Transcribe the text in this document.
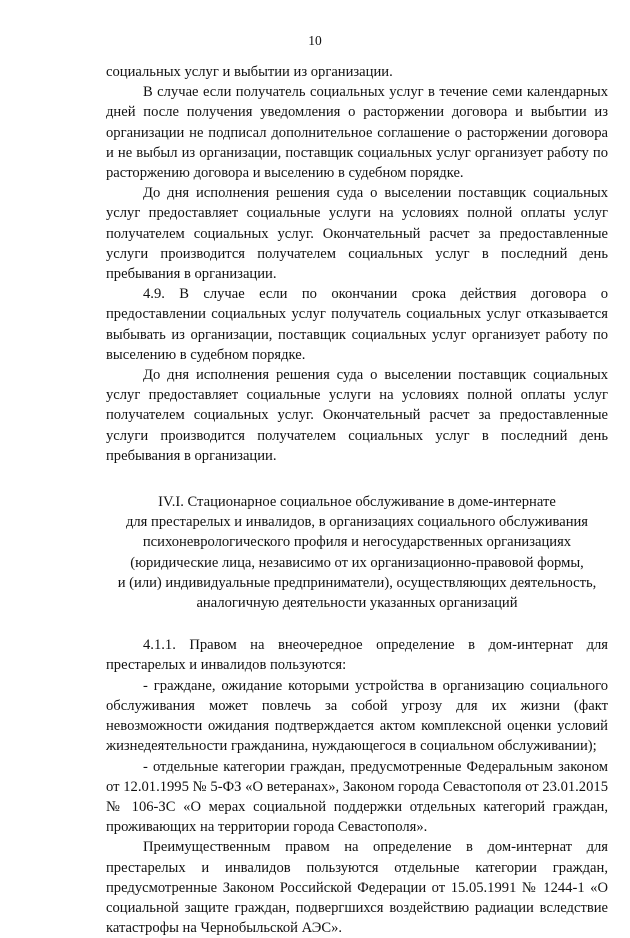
10

социальных услуг и выбытии из организации.

В случае если получатель социальных услуг в течение семи календарных дней после получения уведомления о расторжении договора и выбытии из организации не подписал дополнительное соглашение о расторжении договора и не выбыл из организации, поставщик социальных услуг организует работу по расторжению договора и выселению в судебном порядке.

До дня исполнения решения суда о выселении поставщик социальных услуг предоставляет социальные услуги на условиях полной оплаты услуг получателем социальных услуг. Окончательный расчет за предоставленные услуги производится получателем социальных услуг в последний день пребывания в организации.

4.9. В случае если по окончании срока действия договора о предоставлении социальных услуг получатель социальных услуг отказывается выбывать из организации, поставщик социальных услуг организует работу по выселению в судебном порядке.

До дня исполнения решения суда о выселении поставщик социальных услуг предоставляет социальные услуги на условиях полной оплаты услуг получателем социальных услуг. Окончательный расчет за предоставленные услуги производится получателем социальных услуг в последний день пребывания в организации.

IV.I. Стационарное социальное обслуживание в доме-интернате
для престарелых и инвалидов, в организациях социального обслуживания
психоневрологического профиля и негосударственных организациях
(юридические лица, независимо от их организационно-правовой формы,
и (или) индивидуальные предприниматели), осуществляющих деятельность,
аналогичную деятельности указанных организаций

4.1.1. Правом на внеочередное определение в дом-интернат для престарелых и инвалидов пользуются:

- граждане, ожидание которыми устройства в организацию социального обслуживания может повлечь за собой угрозу для их жизни (факт невозможности ожидания подтверждается актом комплексной оценки условий жизнедеятельности гражданина, нуждающегося в социальном обслуживании);

- отдельные категории граждан, предусмотренные Федеральным законом от 12.01.1995 № 5-ФЗ «О ветеранах», Законом города Севастополя от 23.01.2015 № 106-ЗС «О мерах социальной поддержки отдельных категорий граждан, проживающих на территории города Севастополя».

Преимущественным правом на определение в дом-интернат для престарелых и инвалидов пользуются отдельные категории граждан, предусмотренные Законом Российской Федерации от 15.05.1991 № 1244-1 «О социальной защите граждан, подвергшихся воздействию радиации вследствие катастрофы на Чернобыльской АЭС».
